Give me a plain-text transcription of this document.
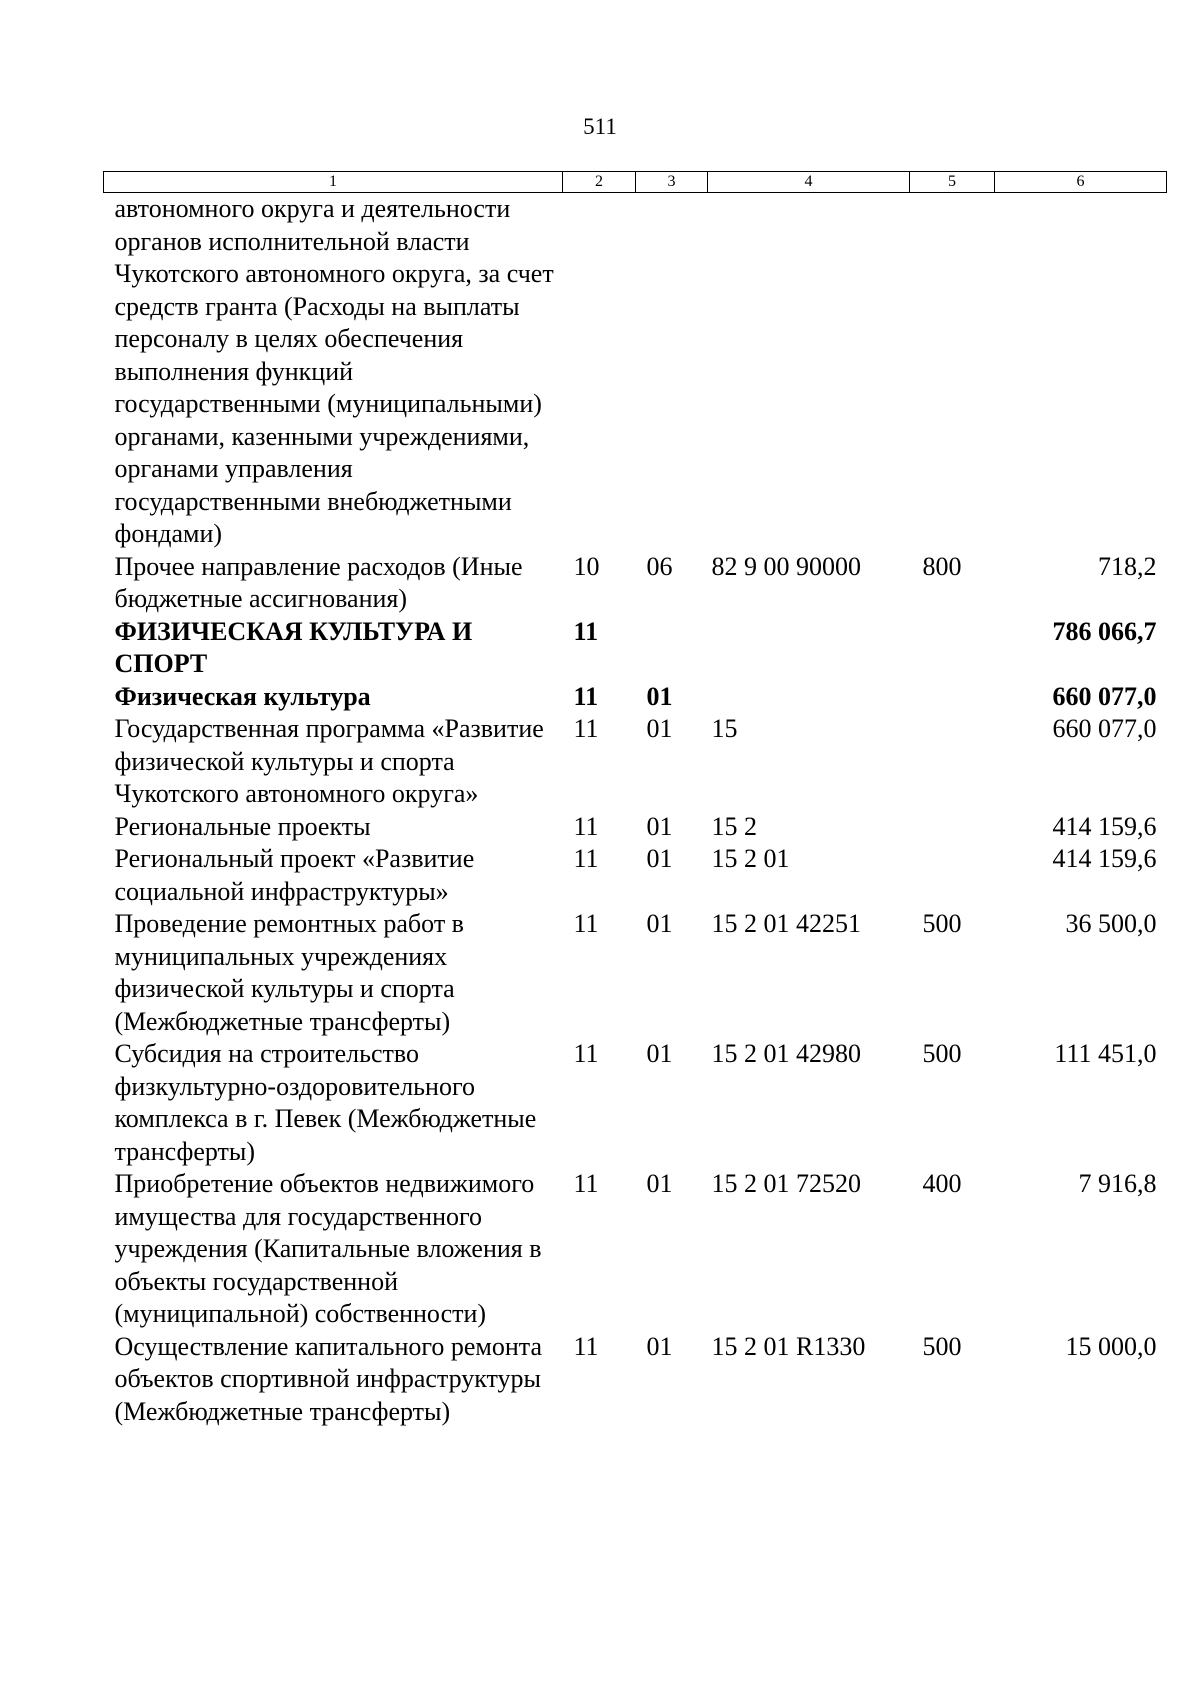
511
1	2	3	4	5	6
автономного округа и деятельности органов исполнительной власти Чукотского автономного округа, за счет средств гранта (Расходы на выплаты персоналу в целях обеспечения выполнения функций государственными (муниципальными) органами, казенными учреждениями, органами управления государственными внебюджетными фондами)					
Прочее направление расходов (Иные бюджетные ассигнования)	10	06	82 9 00 90000	800	718,2
ФИЗИЧЕСКАЯ КУЛЬТУРА И СПОРТ	11				786 066,7
Физическая культура	11	01			660 077,0
Государственная программа «Развитие физической культуры и спорта Чукотского автономного округа»	11	01	15		660 077,0
Региональные проекты	11	01	15 2		414 159,6
Региональный проект «Развитие социальной инфраструктуры»	11	01	15 2 01		414 159,6
Проведение ремонтных работ в муниципальных учреждениях физической культуры и спорта (Межбюджетные трансферты)	11	01	15 2 01 42251	500	36 500,0
Субсидия на строительство физкультурно-оздоровительного комплекса в г. Певек (Межбюджетные трансферты)	11	01	15 2 01 42980	500	111 451,0
Приобретение объектов недвижимого имущества для государственного учреждения (Капитальные вложения в объекты государственной (муниципальной) собственности)	11	01	15 2 01 72520	400	7 916,8
Осуществление капитального ремонта объектов спортивной инфраструктуры (Межбюджетные трансферты)	11	01	15 2 01 R1330	500	15 000,0
